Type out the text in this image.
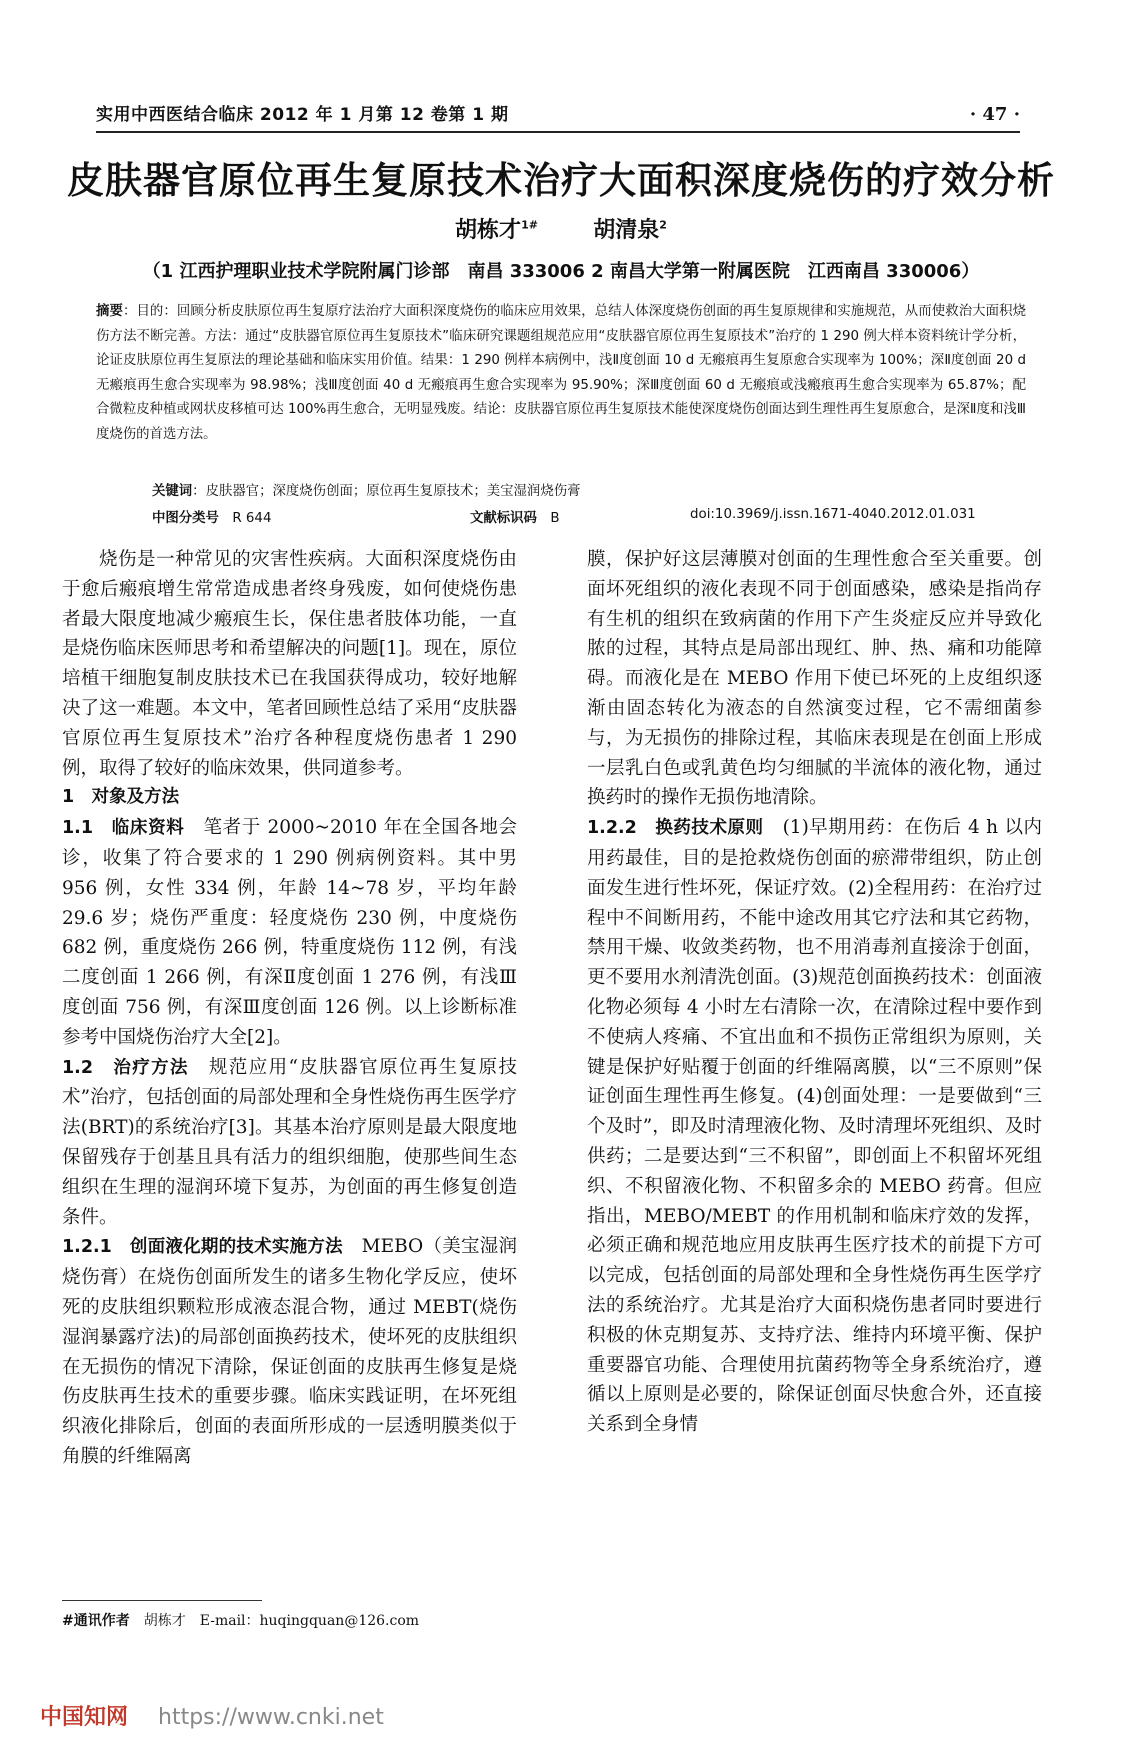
实用中西医结合临床 2012 年 1 月第 12 卷第 1 期	· 47 ·
皮肤器官原位再生复原技术治疗大面积深度烧伤的疗效分析
胡栋才$^{1\#}$	胡清泉$^2$
（1 江西护理职业技术学院附属门诊部　南昌 333006 2 南昌大学第一附属医院　江西南昌 330006）
摘要：目的：回顾分析皮肤原位再生复原疗法治疗大面积深度烧伤的临床应用效果，总结人体深度烧伤创面的再生复原规律和实施规范，从而使救治大面积烧伤方法不断完善。方法：通过“皮肤器官原位再生复原技术”临床研究课题组规范应用“皮肤器官原位再生复原技术”治疗的 1 290 例大样本资料统计学分析，论证皮肤原位再生复原法的理论基础和临床实用价值。结果：1 290 例样本病例中，浅Ⅱ度创面 10 d 无瘢痕再生复原愈合实现率为 100%；深Ⅱ度创面 20 d 无瘢痕再生愈合实现率为 98.98%；浅Ⅲ度创面 40 d 无瘢痕再生愈合实现率为 95.90%；深Ⅲ度创面 60 d 无瘢痕或浅瘢痕再生愈合实现率为 65.87%；配合微粒皮种植或网状皮移植可达 100%再生愈合，无明显残废。结论：皮肤器官原位再生复原技术能使深度烧伤创面达到生理性再生复原愈合，是深Ⅱ度和浅Ⅲ度烧伤的首选方法。
关键词：皮肤器官；深度烧伤创面；原位再生复原技术；美宝湿润烧伤膏
中图分类号　 R 644	文献标识码　 B	doi:10.3969/j.issn.1671-4040.2012.01.031

烧伤是一种常见的灾害性疾病。大面积深度烧伤由于愈后瘢痕增生常常造成患者终身残废，如何使烧伤患者最大限度地减少瘢痕生长，保住患者肢体功能，一直是烧伤临床医师思考和希望解决的问题[1]。现在，原位培植干细胞复制皮肤技术已在我国获得成功，较好地解决了这一难题。本文中，笔者回顾性总结了采用“皮肤器官原位再生复原技术”治疗各种程度烧伤患者 1 290 例，取得了较好的临床效果，供同道参考。

1　对象及方法

1.1　临床资料　 笔者于 2000~2010 年在全国各地会诊，收集了符合要求的 1 290 例病例资料。其中男 956 例，女性 334 例，年龄 14~78 岁，平均年龄 29.6 岁；烧伤严重度：轻度烧伤 230 例，中度烧伤 682 例，重度烧伤 266 例，特重度烧伤 112 例，有浅二度创面 1 266 例，有深Ⅱ度创面 1 276 例，有浅Ⅲ度创面 756 例，有深Ⅲ度创面 126 例。以上诊断标准参考中国烧伤治疗大全[2]。

1.2　治疗方法　 规范应用“皮肤器官原位再生复原技术”治疗，包括创面的局部处理和全身性烧伤再生医学疗法(BRT)的系统治疗[3]。其基本治疗原则是最大限度地保留残存于创基且具有活力的组织细胞，使那些间生态组织在生理的湿润环境下复苏，为创面的再生修复创造条件。

1.2.1　创面液化期的技术实施方法　 MEBO（美宝湿润烧伤膏）在烧伤创面所发生的诸多生物化学反应，使坏死的皮肤组织颗粒形成液态混合物，通过 MEBT(烧伤湿润暴露疗法)的局部创面换药技术，使坏死的皮肤组织在无损伤的情况下清除，保证创面的皮肤再生修复是烧伤皮肤再生技术的重要步骤。临床实践证明，在坏死组织液化排除后，创面的表面所形成的一层透明膜类似于角膜的纤维隔离

膜，保护好这层薄膜对创面的生理性愈合至关重要。创面坏死组织的液化表现不同于创面感染，感染是指尚存有生机的组织在致病菌的作用下产生炎症反应并导致化脓的过程，其特点是局部出现红、肿、热、痛和功能障碍。而液化是在 MEBO 作用下使已坏死的上皮组织逐渐由固态转化为液态的自然演变过程，它不需细菌参与，为无损伤的排除过程，其临床表现是在创面上形成一层乳白色或乳黄色均匀细腻的半流体的液化物，通过换药时的操作无损伤地清除。

1.2.2　换药技术原则　 (1)早期用药：在伤后 4 h 以内用药最佳，目的是抢救烧伤创面的瘀滞带组织，防止创面发生进行性坏死，保证疗效。(2)全程用药：在治疗过程中不间断用药，不能中途改用其它疗法和其它药物，禁用干燥、收敛类药物，也不用消毒剂直接涂于创面，更不要用水剂清洗创面。(3)规范创面换药技术：创面液化物必须每 4 小时左右清除一次，在清除过程中要作到不使病人疼痛、不宜出血和不损伤正常组织为原则，关键是保护好贴覆于创面的纤维隔离膜，以“三不原则”保证创面生理性再生修复。(4)创面处理：一是要做到“三个及时”，即及时清理液化物、及时清理坏死组织、及时供药；二是要达到“三不积留”，即创面上不积留坏死组织、不积留液化物、不积留多余的 MEBO 药膏。但应指出，MEBO/MEBT 的作用机制和临床疗效的发挥，必须正确和规范地应用皮肤再生医疗技术的前提下方可以完成，包括创面的局部处理和全身性烧伤再生医学疗法的系统治疗。尤其是治疗大面积烧伤患者同时要进行积极的休克期复苏、支持疗法、维持内环境平衡、保护重要器官功能、合理使用抗菌药物等全身系统治疗，遵循以上原则是必要的，除保证创面尽快愈合外，还直接关系到全身情

#通讯作者　 胡栋才　E-mail：huqingquan@126.com
中国知网 https://www.cnki.net
